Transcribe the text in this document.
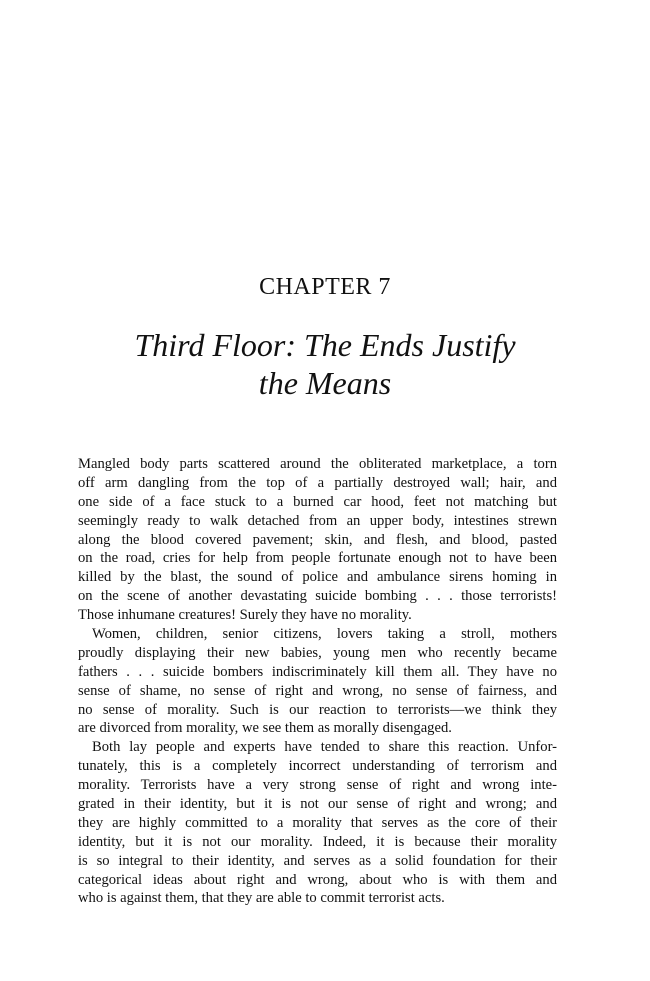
CHAPTER 7
Third Floor: The Ends Justify
the Means
Mangled body parts scattered around the obliterated marketplace, a torn
off arm dangling from the top of a partially destroyed wall; hair, and
one side of a face stuck to a burned car hood, feet not matching but
seemingly ready to walk detached from an upper body, intestines strewn
along the blood covered pavement; skin, and flesh, and blood, pasted
on the road, cries for help from people fortunate enough not to have been
killed by the blast, the sound of police and ambulance sirens homing in
on the scene of another devastating suicide bombing . . . those terrorists!
Those inhumane creatures! Surely they have no morality.
Women, children, senior citizens, lovers taking a stroll, mothers
proudly displaying their new babies, young men who recently became
fathers . . . suicide bombers indiscriminately kill them all. They have no
sense of shame, no sense of right and wrong, no sense of fairness, and
no sense of morality. Such is our reaction to terrorists—we think they
are divorced from morality, we see them as morally disengaged.
Both lay people and experts have tended to share this reaction. Unfor-
tunately, this is a completely incorrect understanding of terrorism and
morality. Terrorists have a very strong sense of right and wrong inte-
grated in their identity, but it is not our sense of right and wrong; and
they are highly committed to a morality that serves as the core of their
identity, but it is not our morality. Indeed, it is because their morality
is so integral to their identity, and serves as a solid foundation for their
categorical ideas about right and wrong, about who is with them and
who is against them, that they are able to commit terrorist acts.
